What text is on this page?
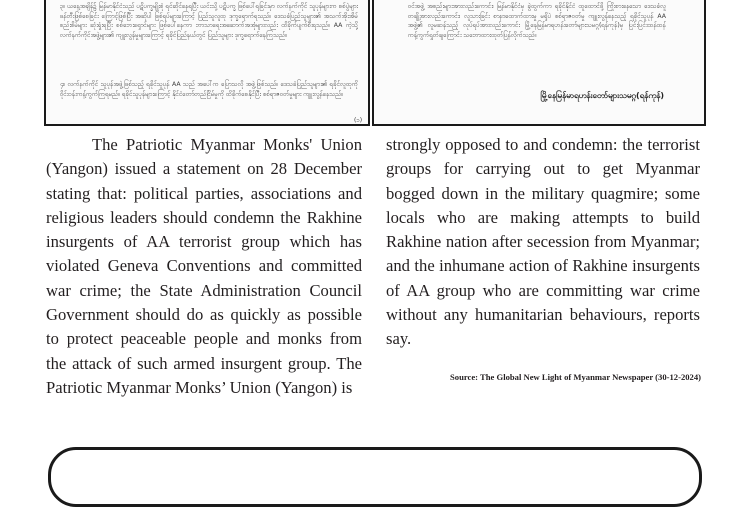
၃။ ယနေ့အချိန်၌ မြန်မာနိုင်ငံသည် ပဋိပက္ခမျိုးစုံ ရင်ဆိုင်နေရပြီး ယင်းသို့ ပဋိပက္ခ ဖြစ်ပေါ်ရခြင်းမှာ လက်နက်ကိုင် သူပုန်များက စစ်ပွဲများ ဖန်တီးဖြစ်စေခြင်း ကြောင့်ဖြစ်ပြီး အဆိုပါ ဖြစ်ရပ်များကြောင့် ပြည်သူလူထု ဒုက္ခရောက်ရသည်။ ဒေသခံပြည်သူများ၏ အသက်အိုးအိမ် စည်းစိမ်များ ဆုံးရှုံးရပြီး စစ်ဘေးရှောင်များ ဖြစ်ပေါ်နေကာ ဘာသာရေးအဆောက်အအုံများလည်း ထိခိုက်ပျက်စီးရသည်။ AA ကဲ့သို့ လက်နက်ကိုင်အဖွဲ့များ၏ ကျူးလွန်မှုများကြောင့် ရခိုင်ပြည်နယ်တွင် ပြည်သူများ ဒုက္ခရောက်နေကြသည်။

၄။ လက်နက်ကိုင် သူပုန်အဖွဲ့ဖြစ်သည့် ရခိုင်သူပုန် AA သည် အပေါ်က ပြောသလို အဖွဲ့ဖြစ်သည်။ ဒေသခံပြည်သူများ၏ ရခိုင်လူထုကို ဝိုင်းဝန်းကန့်ကွက်ကြရမည်။ ရခိုင်သူပုန်များကြောင့် နိုင်ငံတော်တည်ငြိမ်မှုကို ထိခိုက်စေနိုင်ပြီး စစ်ရာဇဝတ်မှုများ ကျူးလွန်နေသည်။

ဝင်အဖွဲ့ အစည်းများအားလည်းကောင်း၊ မြန်မာနိုင်ငံမှ ခွဲထွက်ကာ ရခိုင်နိုင်ငံ ထူထောင်ဖို့ ကြိုးစားနေသော ဒေသခံလူတချို့အားလည်းကောင်း၊ လူသားခြင်း စာနာထောက်ထားမှု မရှိပဲ စစ်ရာဇဝတ်မှု ကျူးလွန်နေသည့် ရခိုင်သူပုန် AA အဖွဲ့၏ လူမဆန်သည့် လုပ်ရပ်အားလည်းကောင်း မြို့နေမြန်မာရဟန်းတော်များသမဂ္ဂ(ရန်ကုန်)မှ ပြင်းပြင်းထန်ထန် ကန့်ကွက်ရှုတ်ချကြောင်း သဘောထားထုတ်ပြန်လိုက်သည်။

မြို့နေမြန်မာရဟန်းတော်များသမဂ္ဂ(ရန်ကုန်)
(၁)

The Patriotic Myanmar Monks' Union (Yangon) issued a statement on 28 December stating that: political parties, associations and religious leaders should condemn the Rakhine insurgents of AA terrorist group which has violated Geneva Conventions and committed war crime; the State Administration Council Government should do as quickly as possible to protect peaceable people and monks from the attack of such armed insurgent group. The Patriotic Myanmar Monks’ Union (Yangon) is

strongly opposed to and condemn: the terrorist groups for carrying out to get Myanmar bogged down in the military quagmire; some locals who are making attempts to build Rakhine nation after secession from Myanmar; and the inhumane action of Rakhine insurgents of AA group who are committing war crime without any humanitarian behaviours, reports say.

Source: The Global New Light of Myanmar Newspaper (30-12-2024)
